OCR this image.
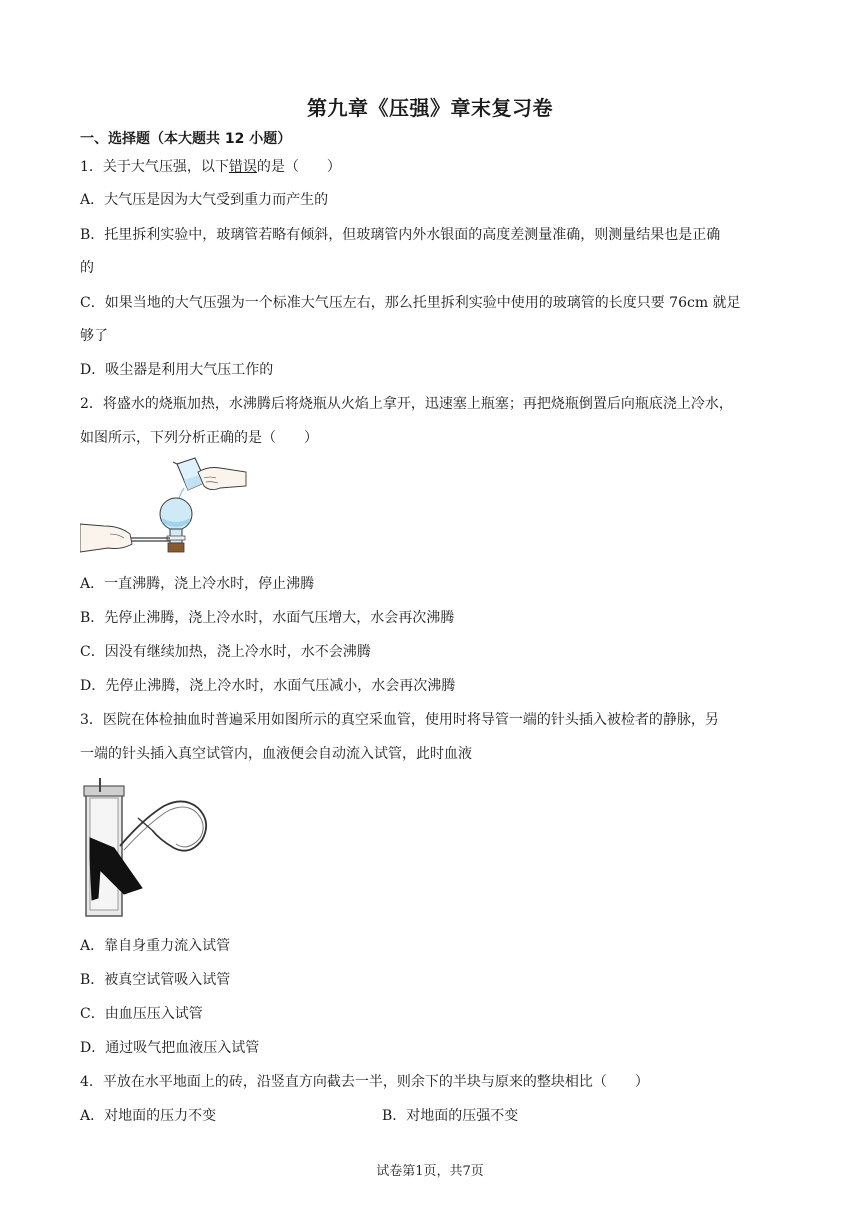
第九章《压强》章末复习卷
一、选择题（本大题共 12 小题）
1．关于大气压强，以下错误的是（　　）
A．大气压是因为大气受到重力而产生的
B．托里拆利实验中，玻璃管若略有倾斜，但玻璃管内外水银面的高度差测量准确，则测量结果也是正确
的
C．如果当地的大气压强为一个标准大气压左右，那么托里拆利实验中使用的玻璃管的长度只要 76cm 就足
够了
D．吸尘器是利用大气压工作的
2．将盛水的烧瓶加热，水沸腾后将烧瓶从火焰上拿开，迅速塞上瓶塞；再把烧瓶倒置后向瓶底浇上冷水，
如图所示，下列分析正确的是（　　）
A．一直沸腾，浇上冷水时，停止沸腾
B．先停止沸腾，浇上冷水时，水面气压增大，水会再次沸腾
C．因没有继续加热，浇上冷水时，水不会沸腾
D．先停止沸腾，浇上冷水时，水面气压减小，水会再次沸腾
3．医院在体检抽血时普遍采用如图所示的真空采血管，使用时将导管一端的针头插入被检者的静脉，另
一端的针头插入真空试管内，血液便会自动流入试管，此时血液
A．靠自身重力流入试管
B．被真空试管吸入试管
C．由血压压入试管
D．通过吸气把血液压入试管
4．平放在水平地面上的砖，沿竖直方向截去一半，则余下的半块与原来的整块相比（　　）
A．对地面的压力不变	B．对地面的压强不变
试卷第1页，共7页
